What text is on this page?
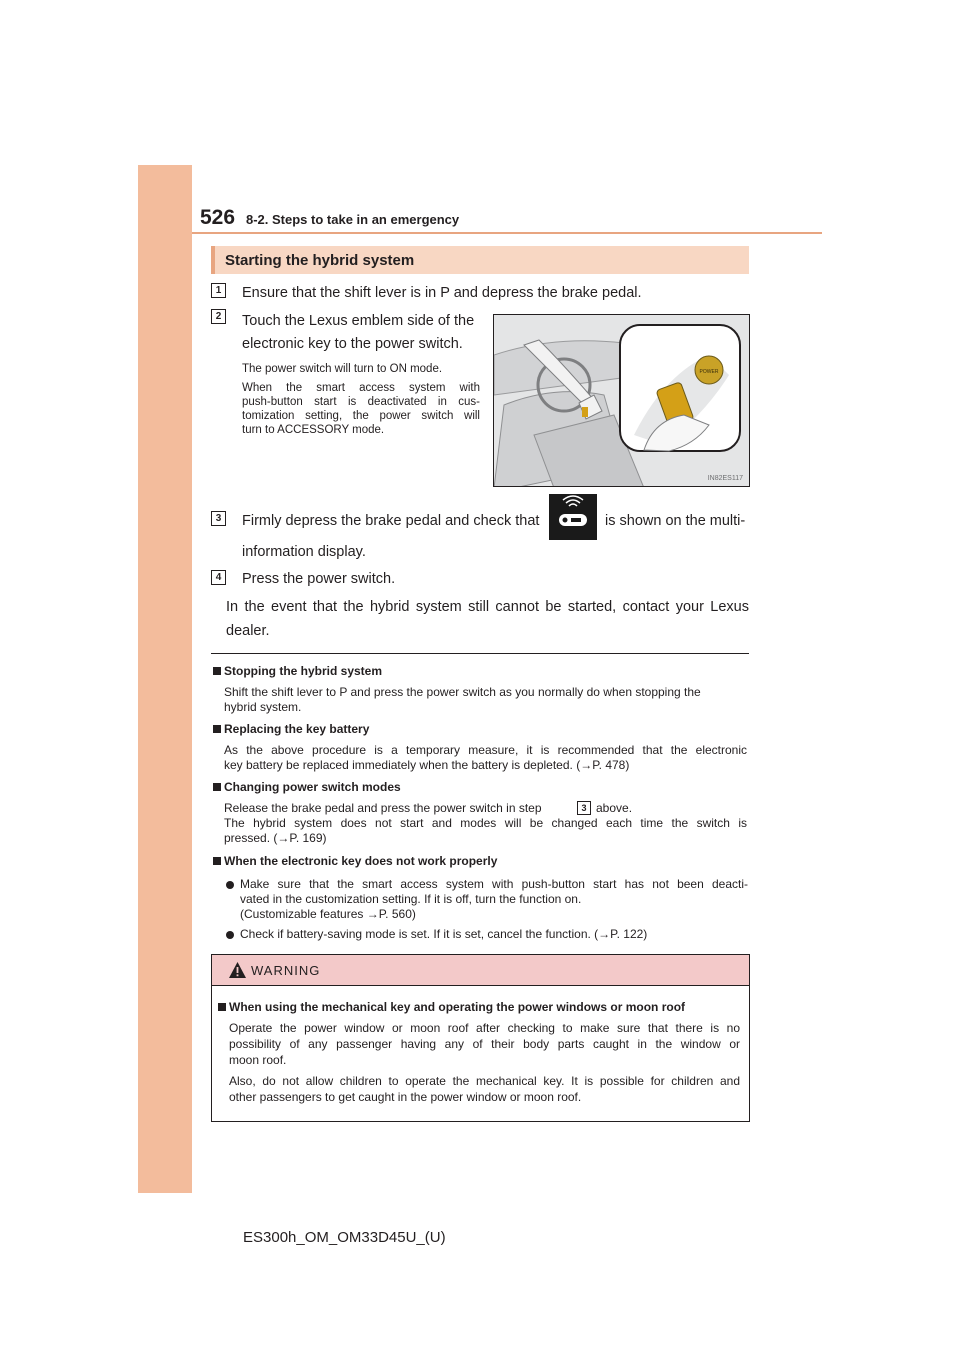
526 8-2. Steps to take in an emergency
Starting the hybrid system
1	Ensure that the shift lever is in P and depress the brake pedal.
2	Touch the Lexus emblem side of the
electronic key to the power switch.
The power switch will turn to ON mode.
When the smart access system with
push-button start is deactivated in cus-
tomization setting, the power switch will
turn to ACCESSORY mode.
POWER
IN82ES117
3	Firmly depress the brake pedal and check that	is shown on the multi-
information display.
4	Press the power switch.
In the event that the hybrid system still cannot be started, contact your Lexus
dealer.
Stopping the hybrid system
Shift the shift lever to P and press the power switch as you normally do when stopping the
hybrid system.
Replacing the key battery
As the above procedure is a temporary measure, it is recommended that the electronic
key battery be replaced immediately when the battery is depleted. (→P. 478)
Changing power switch modes
Release the brake pedal and press the power switch in step	3 above.
The hybrid system does not start and modes will be changed each time the switch is
pressed. (→P. 169)
When the electronic key does not work properly
Make sure that the smart access system with push-button start has not been deacti-
vated in the customization setting. If it is off, turn the function on.
(Customizable features →P. 560)
Check if battery-saving mode is set. If it is set, cancel the function. (→P. 122)
WARNING
When using the mechanical key and operating the power windows or moon roof
Operate the power window or moon roof after checking to make sure that there is no
possibility of any passenger having any of their body parts caught in the window or
moon roof.
Also, do not allow children to operate the mechanical key. It is possible for children and
other passengers to get caught in the power window or moon roof.
ES300h_OM_OM33D45U_(U)
